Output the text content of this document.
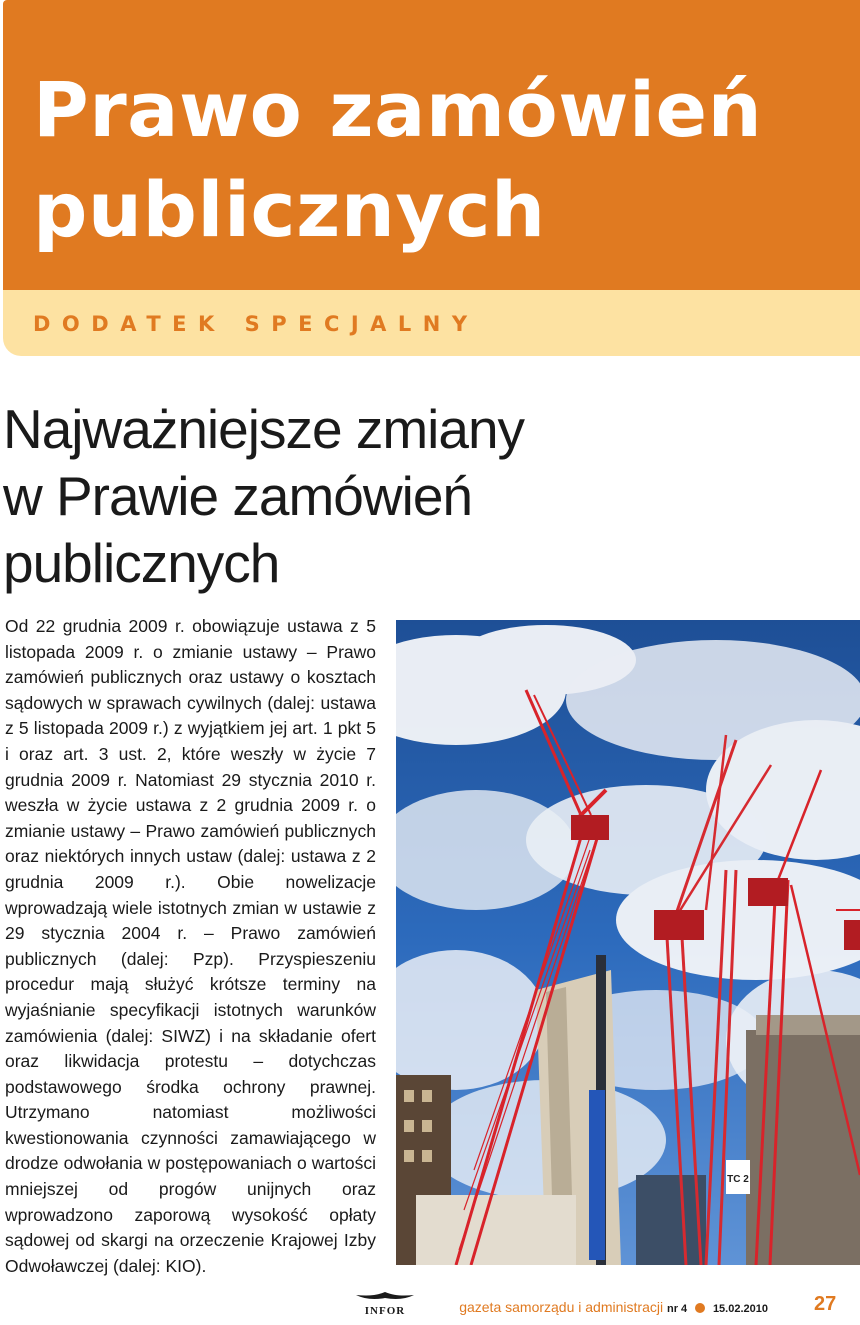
Prawo zamówień
publicznych
DODATEK SPECJALNY
Najważniejsze zmiany
w Prawie zamówień
publicznych

Od 22 grudnia 2009 r. obowiązuje ustawa z 5 listopada 2009 r. o zmianie ustawy – Prawo zamówień publicznych oraz ustawy o kosztach sądowych w sprawach cywilnych (dalej: ustawa z 5 listopada 2009 r.) z wyjątkiem jej art. 1 pkt 5 i oraz art. 3 ust. 2, które weszły w życie 7 grudnia 2009 r. Natomiast 29 stycznia 2010 r. weszła w życie ustawa z 2 grudnia 2009 r. o zmianie ustawy – Prawo zamówień publicznych oraz niektórych innych ustaw (dalej: ustawa z 2 grudnia 2009 r.). Obie nowelizacje wprowadzają wiele istotnych zmian w ustawie z 29 stycznia 2004 r. – Prawo zamówień publicznych (dalej: Pzp). Przyspieszeniu procedur mają służyć krótsze terminy na wyjaśnianie specyfikacji istotnych warunków zamówienia (dalej: SIWZ) i na składanie ofert oraz likwidacja protestu – dotychczas podstawowego środka ochrony prawnej. Utrzymano natomiast możliwości kwestionowania czynności zamawiającego w drodze odwołania w postępowaniach o wartości mniejszej od progów unijnych oraz wprowadzono zaporową wysokość opłaty sądowej od skargi na orzeczenie Krajowej Izby Odwoławczej (dalej: KIO).

TC 2
INFOR	gazeta samorządu i administracji nr 4 15.02.2010 27
